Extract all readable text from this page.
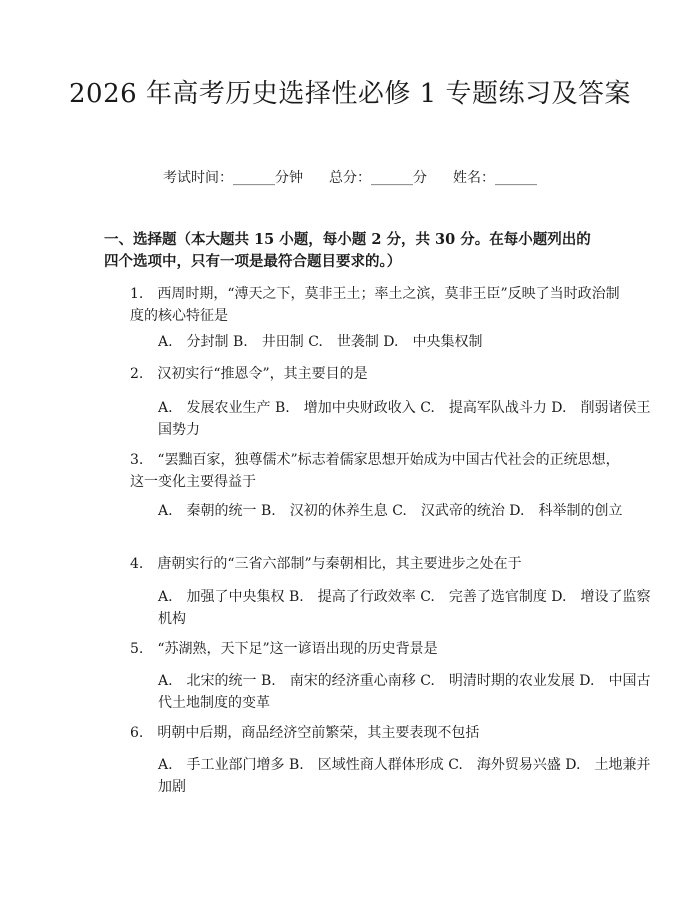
2026 年高考历史选择性必修 1 专题练习及答案
考试时间：______分钟 总分：______分 姓名：______
一、选择题（本大题共 15 小题，每小题 2 分，共 30 分。在每小题列出的四个选项中，只有一项是最符合题目要求的。）
1. 西周时期，“溥天之下，莫非王土；率土之滨，莫非王臣”反映了当时政治制度的核心特征是
A.　分封制 B.　井田制 C.　世袭制 D.　中央集权制
2. 汉初实行“推恩令”，其主要目的是
A.　发展农业生产 B.　增加中央财政收入 C.　提高军队战斗力 D.　削弱诸侯王国势力
3. “罢黜百家，独尊儒术”标志着儒家思想开始成为中国古代社会的正统思想，这一变化主要得益于
A.　秦朝的统一 B.　汉初的休养生息 C.　汉武帝的统治 D.　科举制的创立
4. 唐朝实行的“三省六部制”与秦朝相比，其主要进步之处在于
A.　加强了中央集权 B.　提高了行政效率 C.　完善了选官制度 D.　增设了监察机构
5. “苏湖熟，天下足”这一谚语出现的历史背景是
A.　北宋的统一 B.　南宋的经济重心南移 C.　明清时期的农业发展 D.　中国古代土地制度的变革
6. 明朝中后期，商品经济空前繁荣，其主要表现不包括
A.　手工业部门增多 B.　区域性商人群体形成 C.　海外贸易兴盛 D.　土地兼并加剧
